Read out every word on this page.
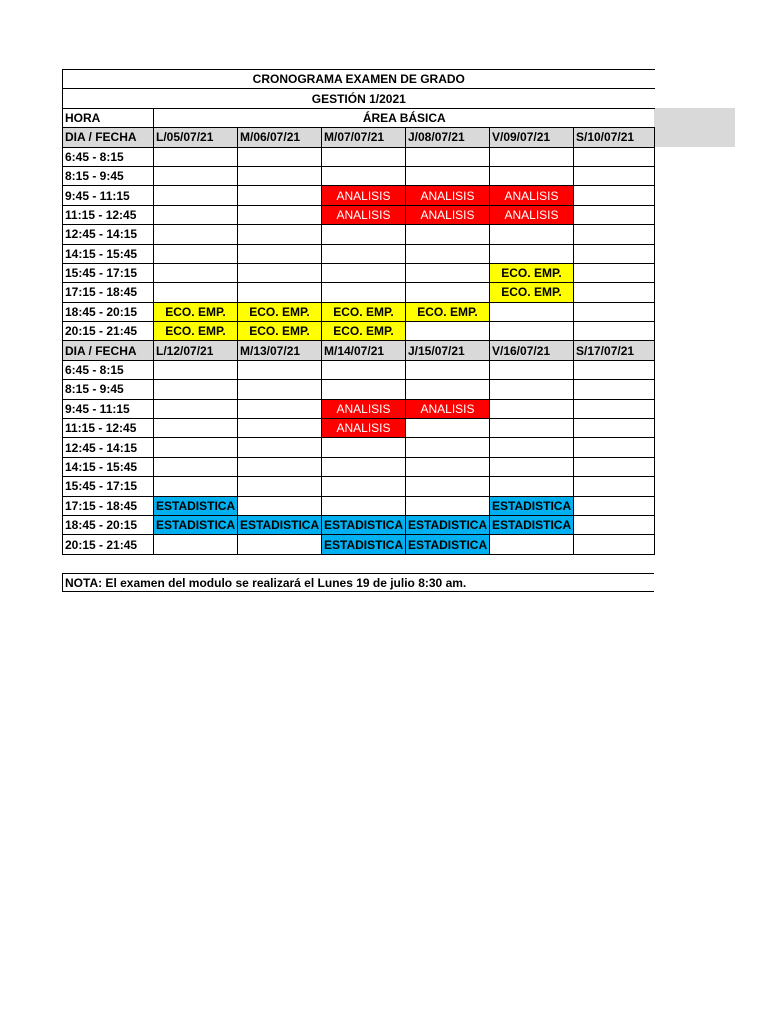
CRONOGRAMA EXAMEN DE GRADO						
GESTIÓN 1/2021						
HORA	ÁREA BÁSICA					
DIA / FECHA	L/05/07/21	M/06/07/21	M/07/07/21	J/08/07/21	V/09/07/21	S/10/07/21
6:45 - 8:15						
8:15 - 9:45						
9:45 - 11:15			ANALISIS	ANALISIS	ANALISIS	
11:15 - 12:45			ANALISIS	ANALISIS	ANALISIS	
12:45 - 14:15						
14:15 - 15:45						
15:45 - 17:15					ECO. EMP.	
17:15 - 18:45					ECO. EMP.	
18:45 - 20:15	ECO. EMP.	ECO. EMP.	ECO. EMP.	ECO. EMP.		
20:15 - 21:45	ECO. EMP.	ECO. EMP.	ECO. EMP.			
DIA / FECHA	L/12/07/21	M/13/07/21	M/14/07/21	J/15/07/21	V/16/07/21	S/17/07/21
6:45 - 8:15						
8:15 - 9:45						
9:45 - 11:15			ANALISIS	ANALISIS		
11:15 - 12:45			ANALISIS			
12:45 - 14:15						
14:15 - 15:45						
15:45 - 17:15						
17:15 - 18:45	ESTADISTICA				ESTADISTICA	
18:45 - 20:15	ESTADISTICA	ESTADISTICA	ESTADISTICA	ESTADISTICA	ESTADISTICA	
20:15 - 21:45			ESTADISTICA	ESTADISTICA		
NOTA: El examen del modulo se realizará el Lunes 19 de julio 8:30 am.
